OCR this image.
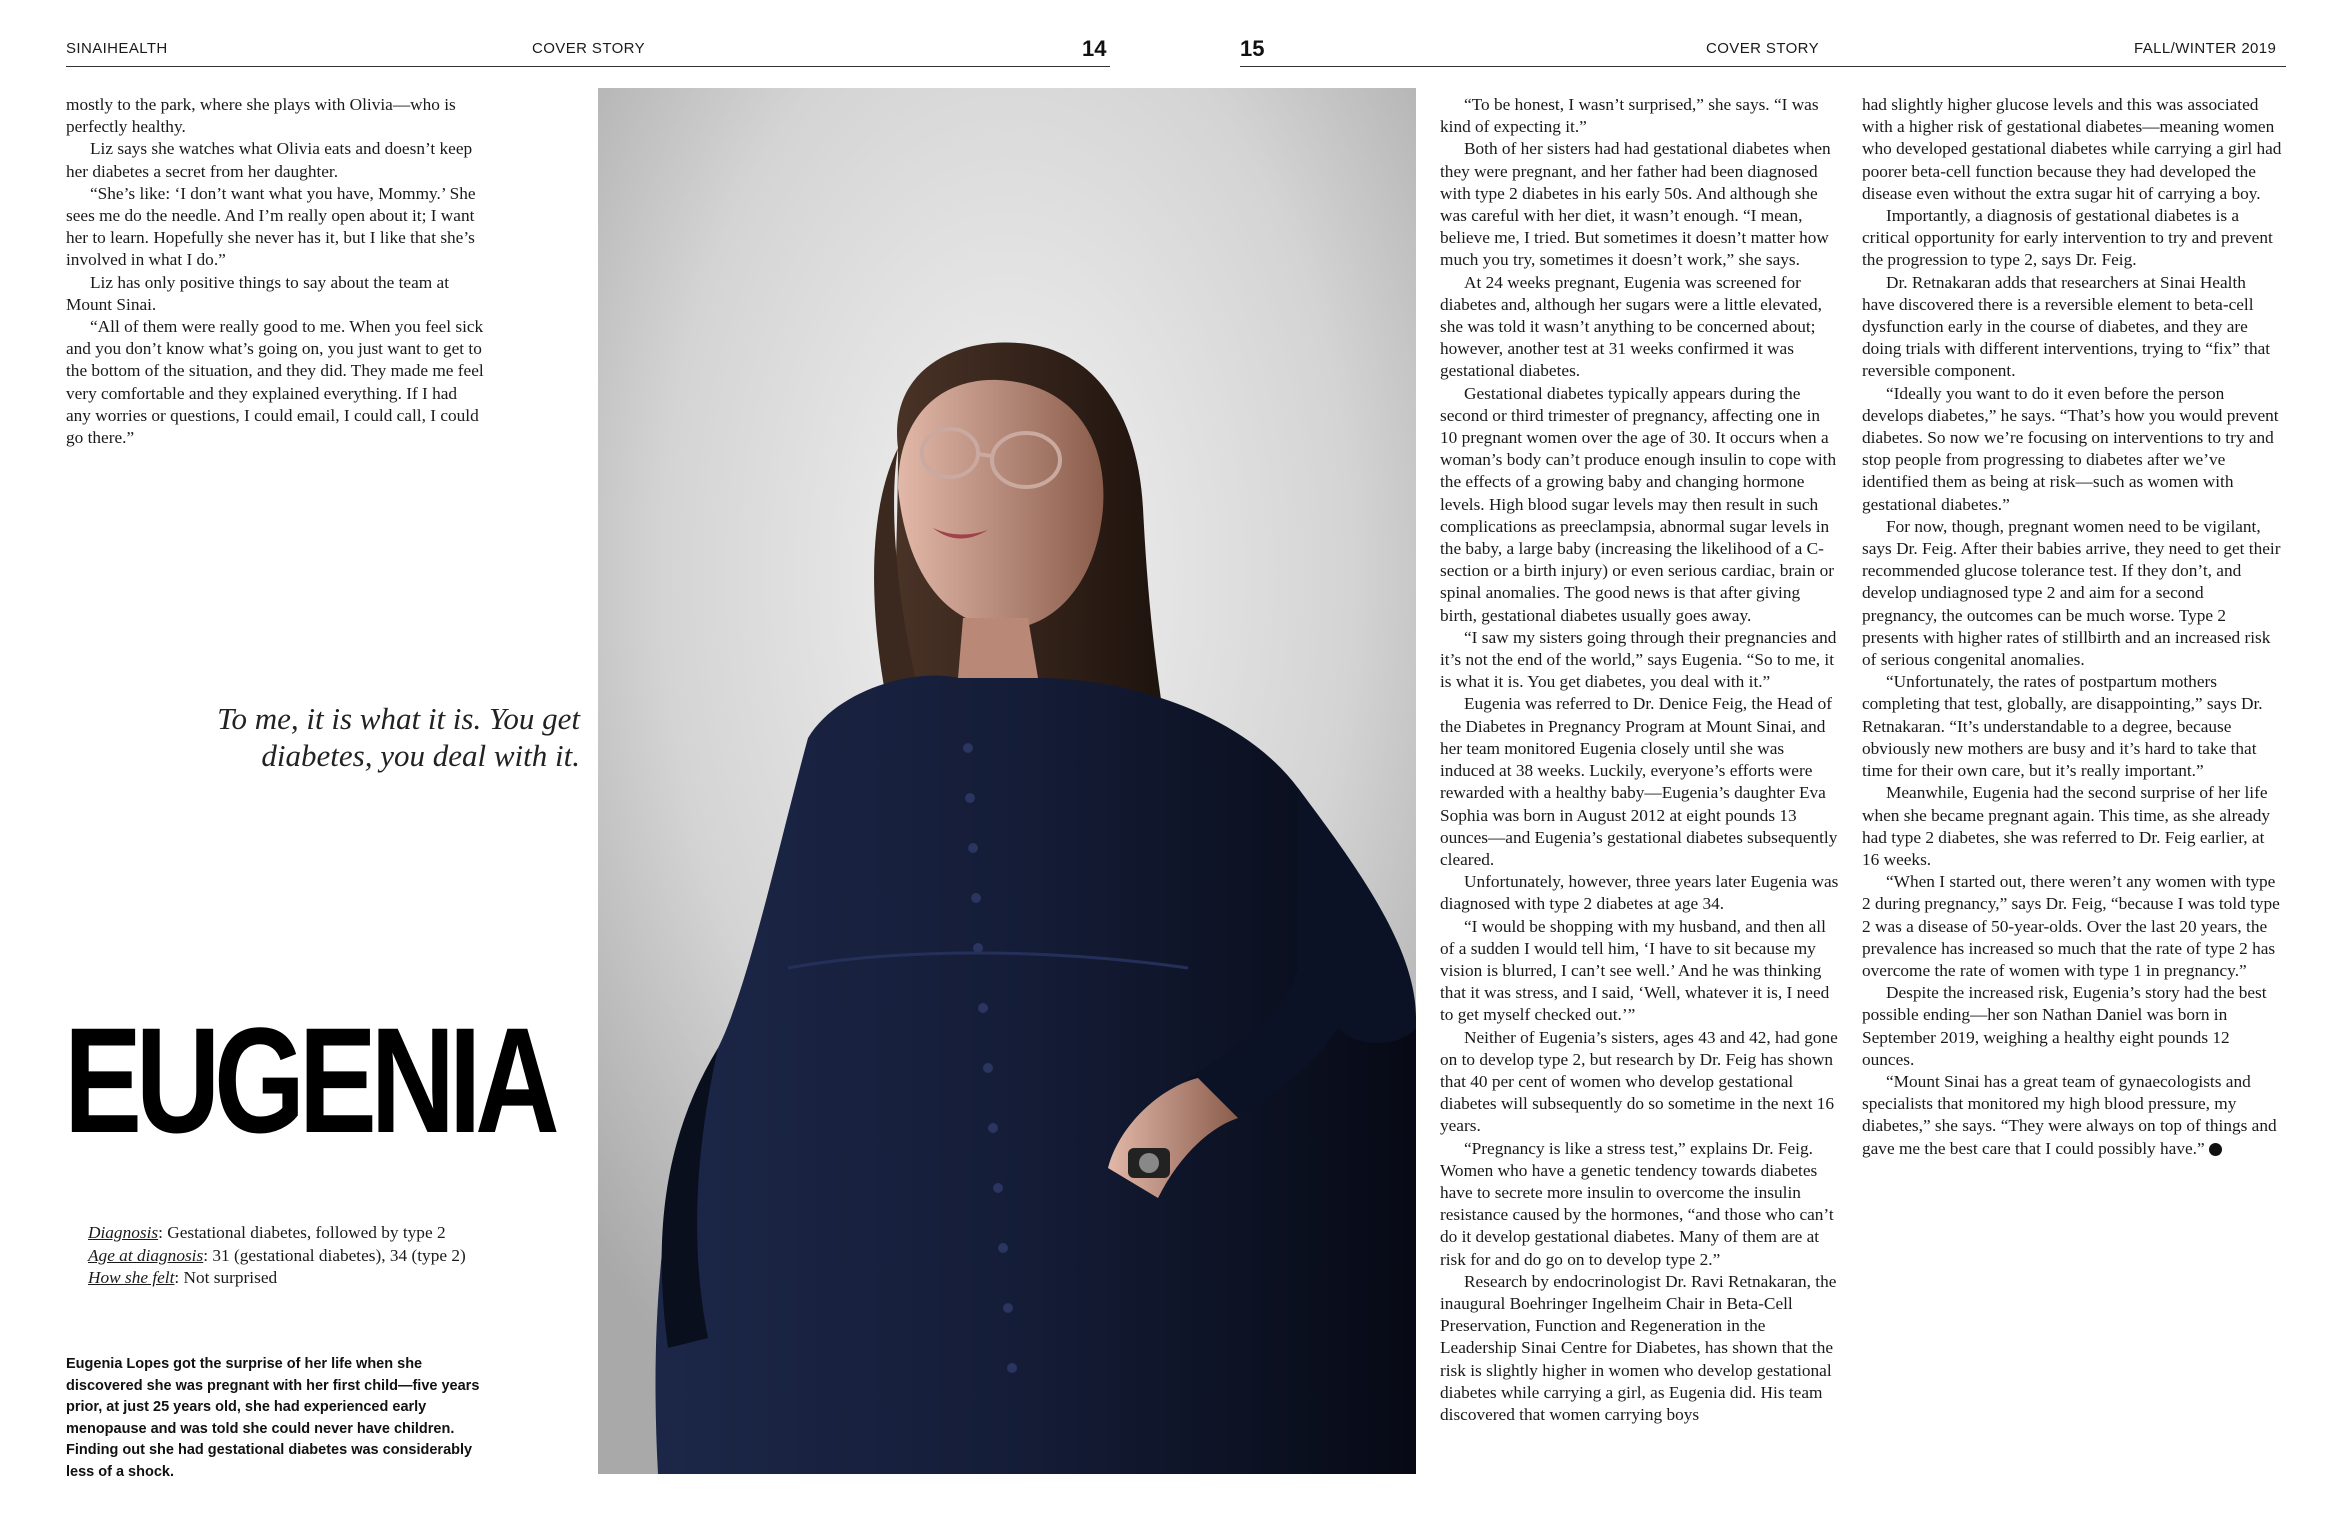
SINAIHEALTH	COVER STORY	14	15	COVER STORY	FALL/WINTER 2019

mostly to the park, where she plays with Olivia—who is perfectly healthy.

Liz says she watches what Olivia eats and doesn’t keep her diabetes a secret from her daughter.

“She’s like: ‘I don’t want what you have, Mommy.’ She sees me do the needle. And I’m really open about it; I want her to learn. Hopefully she never has it, but I like that she’s involved in what I do.”

Liz has only positive things to say about the team at Mount Sinai.

“All of them were really good to me. When you feel sick and you don’t know what’s going on, you just want to get to the bottom of the situation, and they did. They made me feel very comfortable and they explained everything. If I had any worries or questions, I could email, I could call, I could go there.”

To me, it is what it is. You get diabetes, you deal with it.
EUGENIA
Diagnosis: Gestational diabetes, followed by type 2
Age at diagnosis: 31 (gestational diabetes), 34 (type 2)
How she felt: Not surprised
Eugenia Lopes got the surprise of her life when she discovered she was pregnant with her first child—five years prior, at just 25 years old, she had experienced early menopause and was told she could never have children. Finding out she had gestational diabetes was considerably less of a shock.

“To be honest, I wasn’t surprised,” she says. “I was kind of expecting it.”

Both of her sisters had had gestational diabetes when they were pregnant, and her father had been diagnosed with type 2 diabetes in his early 50s. And although she was careful with her diet, it wasn’t enough. “I mean, believe me, I tried. But sometimes it doesn’t matter how much you try, sometimes it doesn’t work,” she says.

At 24 weeks pregnant, Eugenia was screened for diabetes and, although her sugars were a little elevated, she was told it wasn’t anything to be concerned about; however, another test at 31 weeks confirmed it was gestational diabetes.

Gestational diabetes typically appears during the second or third trimester of pregnancy, affecting one in 10 pregnant women over the age of 30. It occurs when a woman’s body can’t produce enough insulin to cope with the effects of a growing baby and changing hormone levels. High blood sugar levels may then result in such complications as preeclampsia, abnormal sugar levels in the baby, a large baby (increasing the likelihood of a C-section or a birth injury) or even serious cardiac, brain or spinal anomalies. The good news is that after giving birth, gestational diabetes usually goes away.

“I saw my sisters going through their pregnancies and it’s not the end of the world,” says Eugenia. “So to me, it is what it is. You get diabetes, you deal with it.”

Eugenia was referred to Dr. Denice Feig, the Head of the Diabetes in Pregnancy Program at Mount Sinai, and her team monitored Eugenia closely until she was induced at 38 weeks. Luckily, everyone’s efforts were rewarded with a healthy baby—Eugenia’s daughter Eva Sophia was born in August 2012 at eight pounds 13 ounces—and Eugenia’s gestational diabetes subsequently cleared.

Unfortunately, however, three years later Eugenia was diagnosed with type 2 diabetes at age 34.

“I would be shopping with my husband, and then all of a sudden I would tell him, ‘I have to sit because my vision is blurred, I can’t see well.’ And he was thinking that it was stress, and I said, ‘Well, whatever it is, I need to get myself checked out.’”

Neither of Eugenia’s sisters, ages 43 and 42, had gone on to develop type 2, but research by Dr. Feig has shown that 40 per cent of women who develop gestational diabetes will subsequently do so sometime in the next 16 years.

“Pregnancy is like a stress test,” explains Dr. Feig. Women who have a genetic tendency towards diabetes have to secrete more insulin to overcome the insulin resistance caused by the hormones, “and those who can’t do it develop gestational diabetes. Many of them are at risk for and do go on to develop type 2.”

Research by endocrinologist Dr. Ravi Retnakaran, the inaugural Boehringer Ingelheim Chair in Beta-Cell Preservation, Function and Regeneration in the Leadership Sinai Centre for Diabetes, has shown that the risk is slightly higher in women who develop gestational diabetes while carrying a girl, as Eugenia did. His team discovered that women carrying boys

had slightly higher glucose levels and this was associated with a higher risk of gestational diabetes—meaning women who developed gestational diabetes while carrying a girl had poorer beta-cell function because they had developed the disease even without the extra sugar hit of carrying a boy.

Importantly, a diagnosis of gestational diabetes is a critical opportunity for early intervention to try and prevent the progression to type 2, says Dr. Feig.

Dr. Retnakaran adds that researchers at Sinai Health have discovered there is a reversible element to beta-cell dysfunction early in the course of diabetes, and they are doing trials with different interventions, trying to “fix” that reversible component.

“Ideally you want to do it even before the person develops diabetes,” he says. “That’s how you would prevent diabetes. So now we’re focusing on interventions to try and stop people from progressing to diabetes after we’ve identified them as being at risk—such as women with gestational diabetes.”

For now, though, pregnant women need to be vigilant, says Dr. Feig. After their babies arrive, they need to get their recommended glucose tolerance test. If they don’t, and develop undiagnosed type 2 and aim for a second pregnancy, the outcomes can be much worse. Type 2 presents with higher rates of stillbirth and an increased risk of serious congenital anomalies.

“Unfortunately, the rates of postpartum mothers completing that test, globally, are disappointing,” says Dr. Retnakaran. “It’s understandable to a degree, because obviously new mothers are busy and it’s hard to take that time for their own care, but it’s really important.”

Meanwhile, Eugenia had the second surprise of her life when she became pregnant again. This time, as she already had type 2 diabetes, she was referred to Dr. Feig earlier, at 16 weeks.

“When I started out, there weren’t any women with type 2 during pregnancy,” says Dr. Feig, “because I was told type 2 was a disease of 50-year-olds. Over the last 20 years, the prevalence has increased so much that the rate of type 2 has overcome the rate of women with type 1 in pregnancy.”

Despite the increased risk, Eugenia’s story had the best possible ending—her son Nathan Daniel was born in September 2019, weighing a healthy eight pounds 12 ounces.

“Mount Sinai has a great team of gynaecologists and specialists that monitored my high blood pressure, my diabetes,” she says. “They were always on top of things and gave me the best care that I could possibly have.”	S
